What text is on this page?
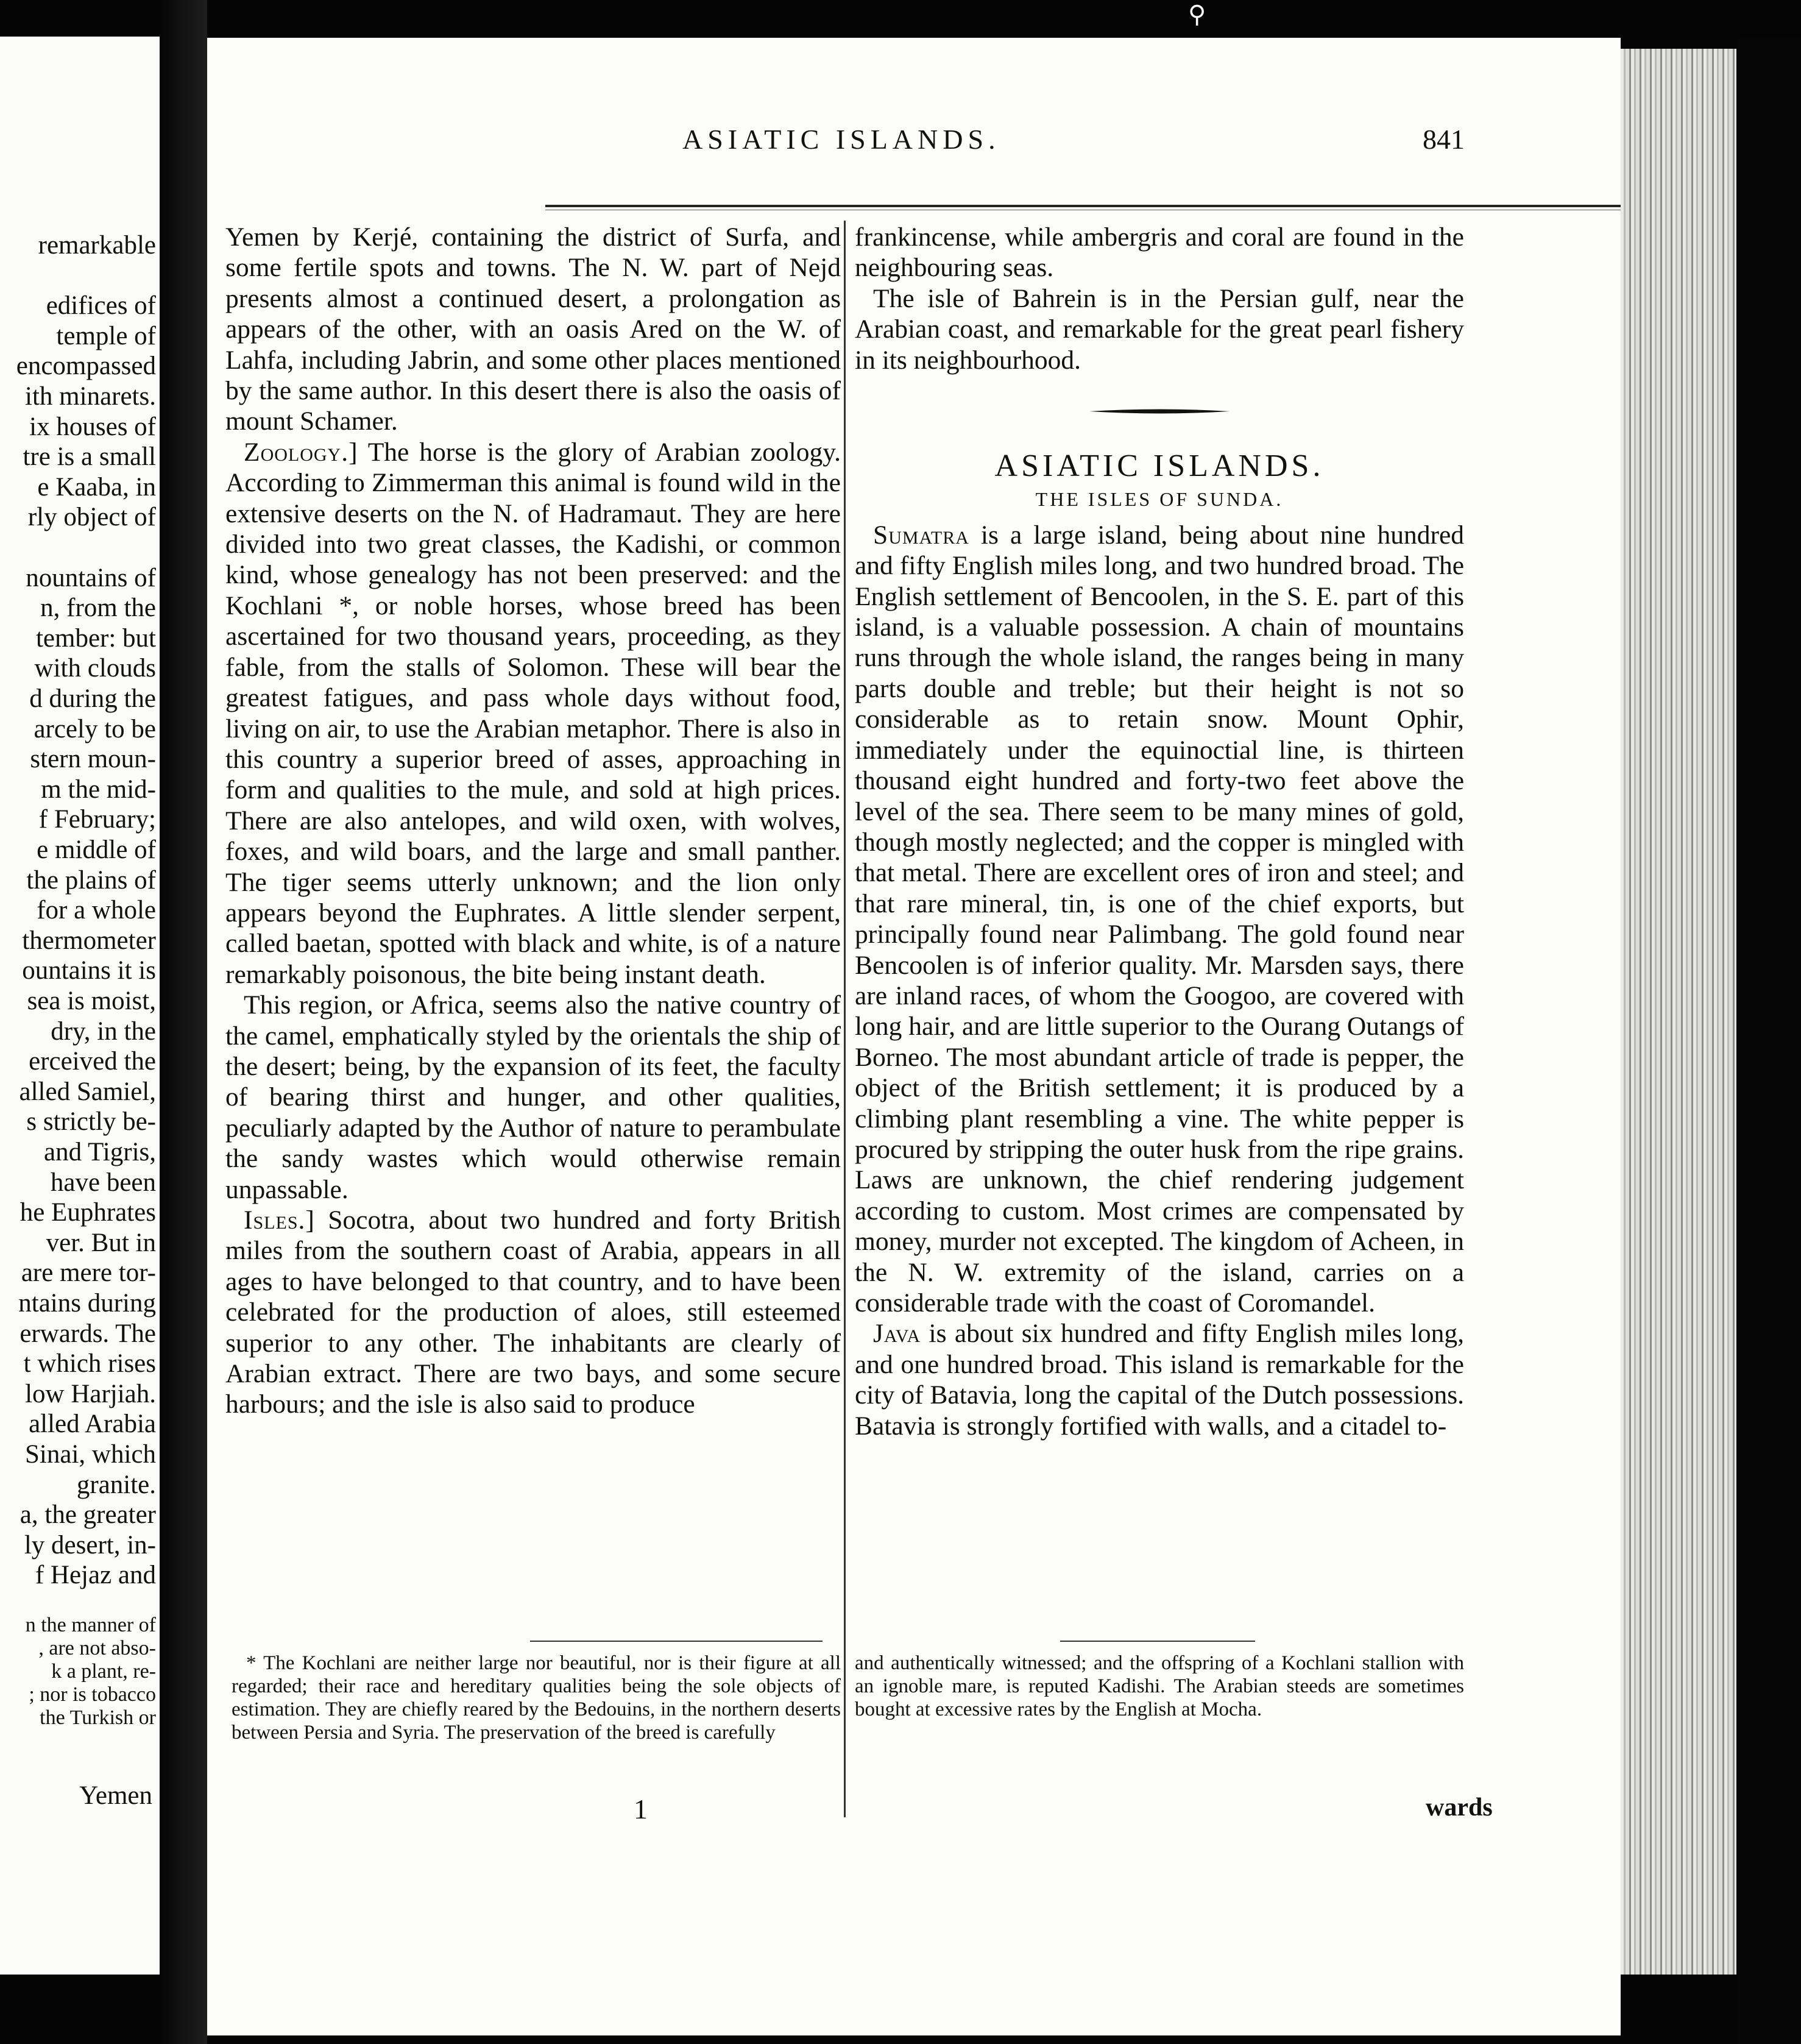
remarkable
edifices of
temple of
encompassed
ith minarets.
ix houses of
tre is a small
e Kaaba, in
rly object of
nountains of
n, from the
tember: but
with clouds
d during the
arcely to be
stern moun-
m the mid-
f February;
e middle of
the plains of
for a whole
thermometer
ountains it is
sea is moist,
dry, in the
erceived the
alled Samiel,
s strictly be-
and Tigris,
have been
he Euphrates
ver. But in
are mere tor-
ntains during
erwards. The
t which rises
low Harjiah.
alled Arabia
Sinai, which
granite.
a, the greater
ly desert, in-
f Hejaz and
n the manner of
, are not abso-
k a plant, re-
; nor is tobacco
the Turkish or
Yemen
⚲
ASIATIC ISLANDS.	841

Yemen by Kerjé, containing the district of Surfa, and some fertile spots and towns. The N. W. part of Nejd presents almost a continued desert, a prolongation as appears of the other, with an oasis Ared on the W. of Lahfa, including Jabrin, and some other places mentioned by the same author. In this desert there is also the oasis of mount Schamer.

Zoology.] The horse is the glory of Arabian zoology. According to Zimmerman this animal is found wild in the extensive deserts on the N. of Hadramaut. They are here divided into two great classes, the Kadishi, or common kind, whose genealogy has not been preserved: and the Kochlani *, or noble horses, whose breed has been ascertained for two thousand years, proceeding, as they fable, from the stalls of Solomon. These will bear the greatest fatigues, and pass whole days without food, living on air, to use the Arabian metaphor. There is also in this country a superior breed of asses, approaching in form and qualities to the mule, and sold at high prices. There are also antelopes, and wild oxen, with wolves, foxes, and wild boars, and the large and small panther. The tiger seems utterly unknown; and the lion only appears beyond the Euphrates. A little slender serpent, called baetan, spotted with black and white, is of a nature remarkably poisonous, the bite being instant death.

This region, or Africa, seems also the native country of the camel, emphatically styled by the orientals the ship of the desert; being, by the expansion of its feet, the faculty of bearing thirst and hunger, and other qualities, peculiarly adapted by the Author of nature to perambulate the sandy wastes which would otherwise remain unpassable.

Isles.] Socotra, about two hundred and forty British miles from the southern coast of Arabia, appears in all ages to have belonged to that country, and to have been celebrated for the production of aloes, still esteemed superior to any other. The inhabitants are clearly of Arabian extract. There are two bays, and some secure harbours; and the isle is also said to produce

frankincense, while ambergris and coral are found in the neighbouring seas.

The isle of Bahrein is in the Persian gulf, near the Arabian coast, and remarkable for the great pearl fishery in its neighbourhood.

ASIATIC ISLANDS.
THE ISLES OF SUNDA.

Sumatra is a large island, being about nine hundred and fifty English miles long, and two hundred broad. The English settlement of Bencoolen, in the S. E. part of this island, is a valuable possession. A chain of mountains runs through the whole island, the ranges being in many parts double and treble; but their height is not so considerable as to retain snow. Mount Ophir, immediately under the equinoctial line, is thirteen thousand eight hundred and forty-two feet above the level of the sea. There seem to be many mines of gold, though mostly neglected; and the copper is mingled with that metal. There are excellent ores of iron and steel; and that rare mineral, tin, is one of the chief exports, but principally found near Palimbang. The gold found near Bencoolen is of inferior quality. Mr. Marsden says, there are inland races, of whom the Googoo, are covered with long hair, and are little superior to the Ourang Outangs of Borneo. The most abundant article of trade is pepper, the object of the British settlement; it is produced by a climbing plant resembling a vine. The white pepper is procured by stripping the outer husk from the ripe grains. Laws are unknown, the chief rendering judgement according to custom. Most crimes are compensated by money, murder not excepted. The kingdom of Acheen, in the N. W. extremity of the island, carries on a considerable trade with the coast of Coromandel.

Java is about six hundred and fifty English miles long, and one hundred broad. This island is remarkable for the city of Batavia, long the capital of the Dutch possessions. Batavia is strongly fortified with walls, and a citadel to-

* The Kochlani are neither large nor beautiful, nor is their figure at all regarded; their race and hereditary qualities being the sole objects of estimation. They are chiefly reared by the Bedouins, in the northern deserts between Persia and Syria. The preservation of the breed is carefully

and authentically witnessed; and the offspring of a Kochlani stallion with an ignoble mare, is reputed Kadishi. The Arabian steeds are sometimes bought at excessive rates by the English at Mocha.

1	wards
